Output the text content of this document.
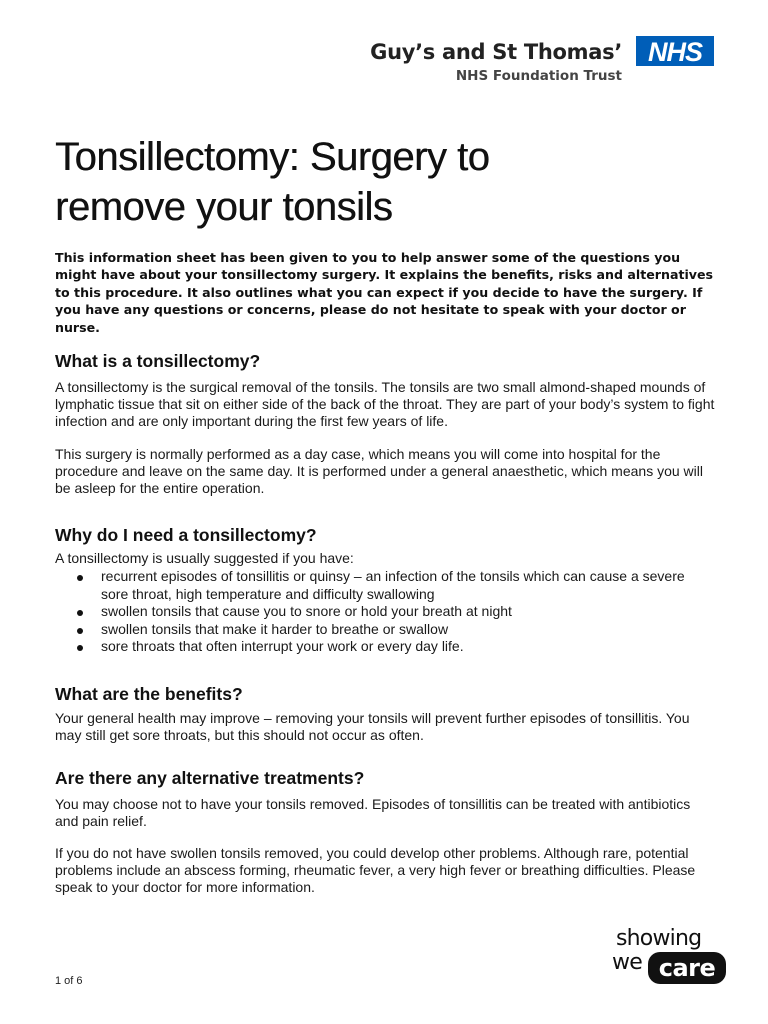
Guy’s and St Thomas’
NHS Foundation Trust
NHS
Tonsillectomy: Surgery to
remove your tonsils

This information sheet has been given to you to help answer some of the questions you might have about your tonsillectomy surgery. It explains the benefits, risks and alternatives to this procedure. It also outlines what you can expect if you decide to have the surgery. If you have any questions or concerns, please do not hesitate to speak with your doctor or nurse.

What is a tonsillectomy?

A tonsillectomy is the surgical removal of the tonsils. The tonsils are two small almond-shaped mounds of lymphatic tissue that sit on either side of the back of the throat. They are part of your body’s system to fight infection and are only important during the first few years of life.

This surgery is normally performed as a day case, which means you will come into hospital for the procedure and leave on the same day. It is performed under a general anaesthetic, which means you will be asleep for the entire operation.

Why do I need a tonsillectomy?

A tonsillectomy is usually suggested if you have:

recurrent episodes of tonsillitis or quinsy – an infection of the tonsils which can cause a severe sore throat, high temperature and difficulty swallowing
swollen tonsils that cause you to snore or hold your breath at night
swollen tonsils that make it harder to breathe or swallow
sore throats that often interrupt your work or every day life.
What are the benefits?

Your general health may improve – removing your tonsils will prevent further episodes of tonsillitis. You may still get sore throats, but this should not occur as often.

Are there any alternative treatments?

You may choose not to have your tonsils removed. Episodes of tonsillitis can be treated with antibiotics and pain relief.

If you do not have swollen tonsils removed, you could develop other problems. Although rare, potential problems include an abscess forming, rheumatic fever, a very high fever or breathing difficulties. Please speak to your doctor for more information.

1 of 6
showing
we care
